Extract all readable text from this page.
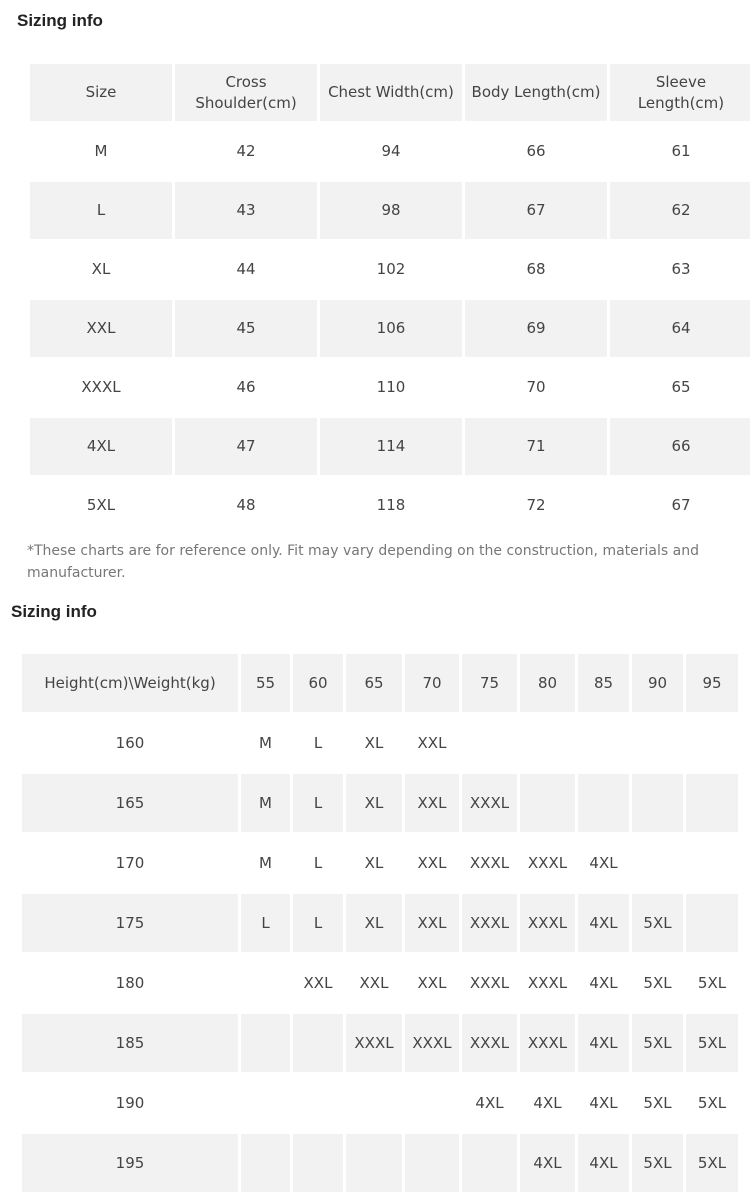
Sizing info
Size	Cross Shoulder(cm)	Chest Width(cm)	Body Length(cm)	Sleeve Length(cm)
M	42	94	66	61
L	43	98	67	62
XL	44	102	68	63
XXL	45	106	69	64
XXXL	46	110	70	65
4XL	47	114	71	66
5XL	48	118	72	67

*These charts are for reference only. Fit may vary depending on the construction, materials and manufacturer.

Sizing info
Height(cm)\Weight(kg)	55	60	65	70	75	80	85	90	95
160	M	L	XL	XXL					
165	M	L	XL	XXL	XXXL				
170	M	L	XL	XXL	XXXL	XXXL	4XL		
175	L	L	XL	XXL	XXXL	XXXL	4XL	5XL	
180		XXL	XXL	XXL	XXXL	XXXL	4XL	5XL	5XL
185			XXXL	XXXL	XXXL	XXXL	4XL	5XL	5XL
190					4XL	4XL	4XL	5XL	5XL
195						4XL	4XL	5XL	5XL
